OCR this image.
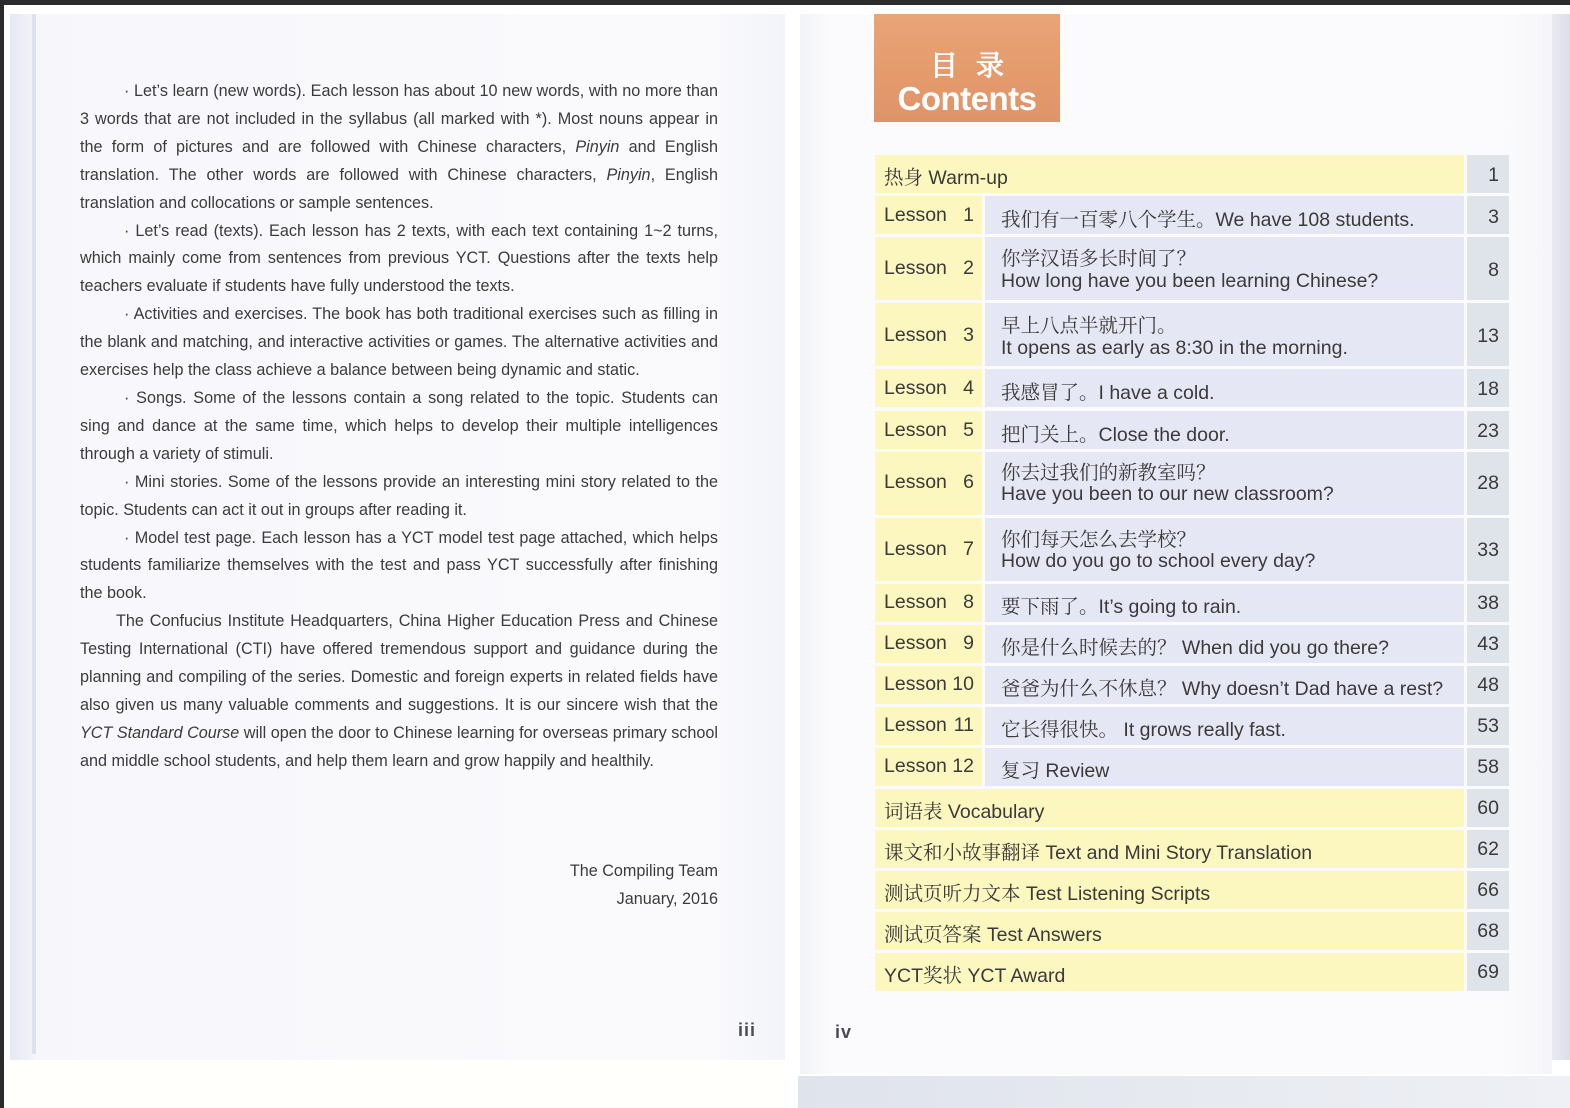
· Let’s learn (new words). Each lesson has about 10 new words, with no more than 3 words that are not included in the syllabus (all marked with *). Most nouns appear in the form of pictures and are followed with Chinese characters, Pinyin and English translation. The other words are followed with Chinese characters, Pinyin, English translation and collocations or sample sentences.

· Let’s read (texts). Each lesson has 2 texts, with each text containing 1~2 turns, which mainly come from sentences from previous YCT. Questions after the texts help teachers evaluate if students have fully understood the texts.

· Activities and exercises. The book has both traditional exercises such as filling in the blank and matching, and interactive activities or games. The alternative activities and exercises help the class achieve a balance between being dynamic and static.

· Songs. Some of the lessons contain a song related to the topic. Students can sing and dance at the same time, which helps to develop their multiple intelligences through a variety of stimuli.

· Mini stories. Some of the lessons provide an interesting mini story related to the topic. Students can act it out in groups after reading it.

· Model test page. Each lesson has a YCT model test page attached, which helps students familiarize themselves with the test and pass YCT successfully after finishing the book.

The Confucius Institute Headquarters, China Higher Education Press and Chinese Testing International (CTI) have offered tremendous support and guidance during the planning and compiling of the series. Domestic and foreign experts in related fields have also given us many valuable comments and suggestions. It is our sincere wish that the YCT Standard Course will open the door to Chinese learning for overseas primary school and middle school students, and help them learn and grow happily and healthily.

The Compiling Team
January, 2016
iii
目录
Contents
热身 Warm-up	1
Lesson 1 我们有一百零八个学生。We have 108 students.	3
Lesson 2 你学汉语多长时间了？
How long have you been learning Chinese?	8
Lesson 3 早上八点半就开门。
It opens as early as 8:30 in the morning.
13
Lesson 4 我感冒了。I have a cold.	18
Lesson 5 把门关上。Close the door.	23
Lesson 6 你去过我们的新教室吗？
Have you been to our new classroom?	28
Lesson 7 你们每天怎么去学校？
How do you go to school every day?	33
Lesson 8 要下雨了。It’s going to rain.	38
Lesson 9 你是什么时候去的？ When did you go there?	43
Lesson 10 爸爸为什么不休息？ Why doesn’t Dad have a rest? 48
Lesson 11 它长得很快。 It grows really fast.	53
Lesson 12 复习 Review	58
词语表 Vocabulary	60
课文和小故事翻译 Text and Mini Story Translation	62
测试页听力文本 Test Listening Scripts	66
测试页答案 Test Answers	68
YCT奖状 YCT Award	69
iv
